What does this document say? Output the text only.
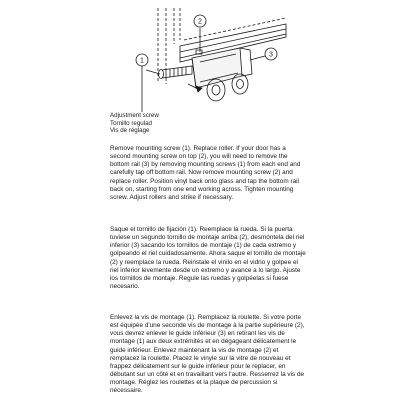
1
2
3
Adjustment screw
Tornillo regulad
Vis de réglage
Remove mounting screw (1). Replace roller. If your door has a second mounting screw on top (2), you will need to remove the bottom rail (3) by removing mounting screws (1) from each end and carefully tap off bottom rail. Now remove mounting screw (2) and replace roller. Position vinyl back onto glass and tap the bottom rail back on, starting from one end working across. Tighten mounting screw. Adjust rollers and strike if necessary.
Saque el tornillo de fijación (1). Reemplace la rueda. Si la puerta tuviese un segundo tornillo de montaje arriba (2), desmóntela del riel inferior (3) sacando los tornillos de montaje (1) de cada extremo y golpeando el riel cuidadosamente. Ahora saque el tornillo de montaje (2) y reemplace la rueda. Reinstale el vinilo en el vidrio y golpee el riel inferior levemente desde un extremo y avance a lo largo. Ajuste los tornillos de montaje. Regule las ruedas y golpéelas si fuese necesario.
Enlevez la vis de montage (1). Remplacez la roulette. Si votre porte est équipée d'une seconde vis de montage à la partie supérieure (2), vous devrez enlever le guide inférieur (3) en retirant les vis de montage (1) aux deux extrémités et en dégageant délicatement le guide inférieur. Enlevez maintenant la vis de montage (2) et remplacez la roulette. Placez le vinyle sur la vitre de nouveau et frappez délicatement sur le guide inférieur pour le replacer, en débutant sur un côté et en travaillant vers l'autre. Resserrez la vis de montage. Réglez les roulettes et la plaque de percussion si nécessaire.
